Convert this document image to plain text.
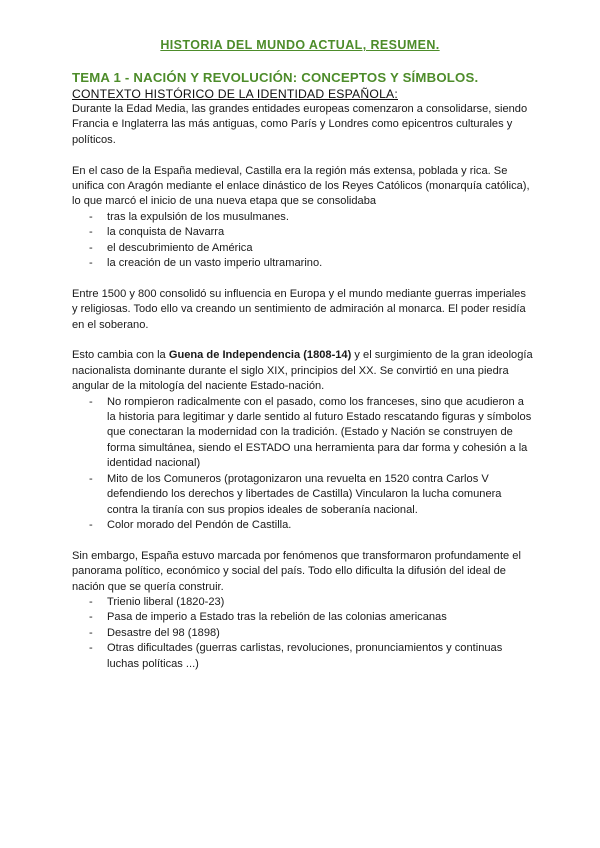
HISTORIA DEL MUNDO ACTUAL, RESUMEN.
TEMA 1 - NACIÓN Y REVOLUCIÓN: CONCEPTOS Y SÍMBOLOS.
CONTEXTO HISTÓRICO DE LA IDENTIDAD ESPAÑOLA:

Durante la Edad Media, las grandes entidades europeas comenzaron a consolidarse, siendo Francia e Inglaterra las más antiguas, como París y Londres como epicentros culturales y políticos.

En el caso de la España medieval, Castilla era la región más extensa, poblada y rica. Se unifica con Aragón mediante el enlace dinástico de los Reyes Católicos (monarquía católica), lo que marcó el inicio de una nueva etapa que se consolidaba

- tras la expulsión de los musulmanes.
- la conquista de Navarra
- el descubrimiento de América
- la creación de un vasto imperio ultramarino.

Entre 1500 y 800 consolidó su influencia en Europa y el mundo mediante guerras imperiales y religiosas. Todo ello va creando un sentimiento de admiración al monarca. El poder residía en el soberano.

Esto cambia con la Guena de Independencia (1808-14) y el surgimiento de la gran ideología nacionalista dominante durante el siglo XIX, principios del XX. Se convirtió en una piedra angular de la mitología del naciente Estado-nación.

- No rompieron radicalmente con el pasado, como los franceses, sino que acudieron a la historia para legitimar y darle sentido al futuro Estado rescatando figuras y símbolos que conectaran la modernidad con la tradición. (Estado y Nación se construyen de forma simultánea, siendo el ESTADO una herramienta para dar forma y cohesión a la identidad nacional)
- Mito de los Comuneros (protagonizaron una revuelta en 1520 contra Carlos V defendiendo los derechos y libertades de Castilla) Vincularon la lucha comunera contra la tiranía con sus propios ideales de soberanía nacional.
- Color morado del Pendón de Castilla.

Sin embargo, España estuvo marcada por fenómenos que transformaron profundamente el panorama político, económico y social del país. Todo ello dificulta la difusión del ideal de nación que se quería construir.

- Trienio liberal (1820-23)
- Pasa de imperio a Estado tras la rebelión de las colonias americanas
- Desastre del 98 (1898)
- Otras dificultades (guerras carlistas, revoluciones, pronunciamientos y continuas luchas políticas ...)
